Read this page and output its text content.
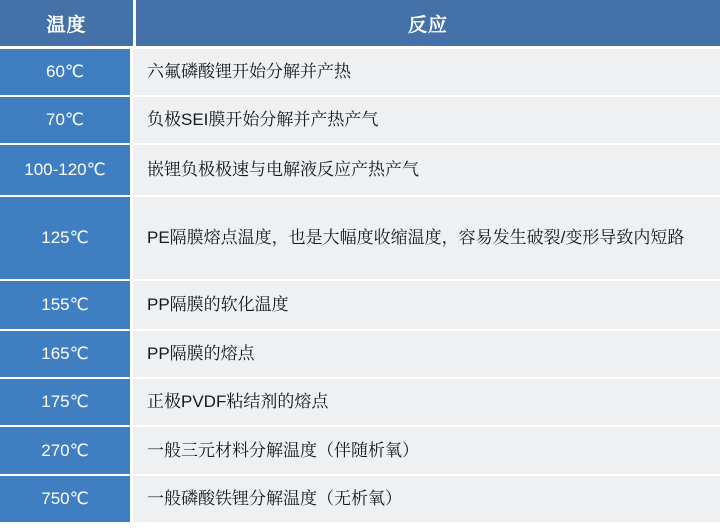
温度	反应
60℃	六氟磷酸锂开始分解并产热
70℃	负极SEI膜开始分解并产热产气
100-120℃	嵌锂负极极速与电解液反应产热产气
125℃	PE隔膜熔点温度，也是大幅度收缩温度，容易发生破裂/变形导致内短路
155℃	PP隔膜的软化温度
165℃	PP隔膜的熔点
175℃	正极PVDF粘结剂的熔点
270℃	一般三元材料分解温度（伴随析氧）
750℃	一般磷酸铁锂分解温度（无析氧）
